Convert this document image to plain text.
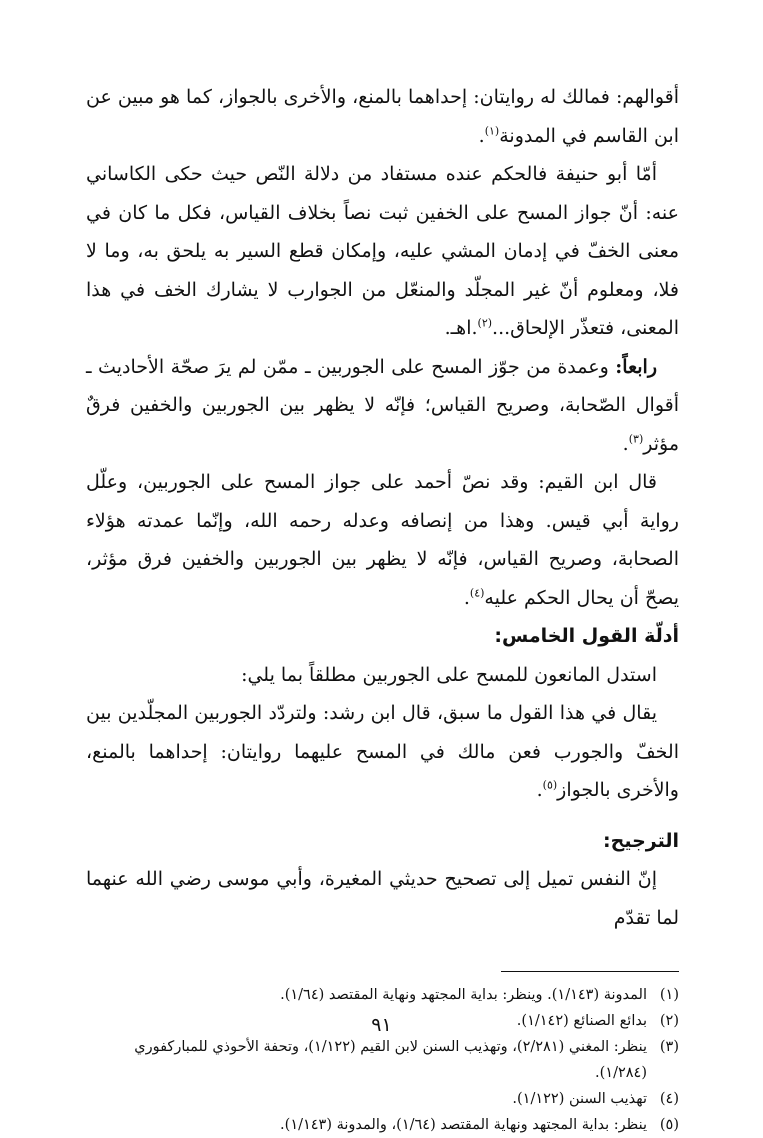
أقوالهم: فمالك له روايتان: إحداهما بالمنع، والأخرى بالجواز، كما هو مبين عن ابن القاسم في المدونة$^{(١)}$.

أمّا أبو حنيفة فالحكم عنده مستفاد من دلالة النّص حيث حكى الكاساني عنه: أنّ جواز المسح على الخفين ثبت نصاً بخلاف القياس، فكل ما كان في معنى الخفّ في إدمان المشي عليه، وإمكان قطع السير به يلحق به، وما لا فلا، ومعلوم أنّ غير المجلّد والمنعّل من الجوارب لا يشارك الخف في هذا المعنى، فتعذّر الإلحاق...$^{(٢)}$.اهـ.

رابعاً: وعمدة من جوّز المسح على الجوربين ـ ممّن لم يرَ صحّة الأحاديث ـ أقوال الصّحابة، وصريح القياس؛ فإنّه لا يظهر بين الجوربين والخفين فرقٌ مؤثر$^{(٣)}$.

قال ابن القيم: وقد نصّ أحمد على جواز المسح على الجوربين، وعلّل رواية أبي قيس. وهذا من إنصافه وعدله رحمه الله، وإنّما عمدته هؤلاء الصحابة، وصريح القياس، فإنّه لا يظهر بين الجوربين والخفين فرق مؤثر، يصحّ أن يحال الحكم عليه$^{(٤)}$.

أدلّة القول الخامس:

استدل المانعون للمسح على الجوربين مطلقاً بما يلي:

يقال في هذا القول ما سبق، قال ابن رشد: ولتردّد الجوربين المجلّدين بين الخفّ والجورب فعن مالك في المسح عليهما روايتان: إحداهما بالمنع، والأخرى بالجواز$^{(٥)}$.

الترجيح:

إنّ النفس تميل إلى تصحيح حديثي المغيرة، وأبي موسى رضي الله عنهما لما تقدّم

(١)
المدونة (١/١٤٣). وينظر: بداية المجتهد ونهاية المقتصد (١/٦٤).
(٢)
بدائع الصنائع (١/١٤٢).
(٣)
ينظر: المغني (٢/٢٨١)، وتهذيب السنن لابن القيم (١/١٢٢)، وتحفة الأحوذي للمباركفوري (١/٢٨٤).
(٤)
تهذيب السنن (١/١٢٢).
(٥)
ينظر: بداية المجتهد ونهاية المقتصد (١/٦٤)، والمدونة (١/١٤٣).
٩١
